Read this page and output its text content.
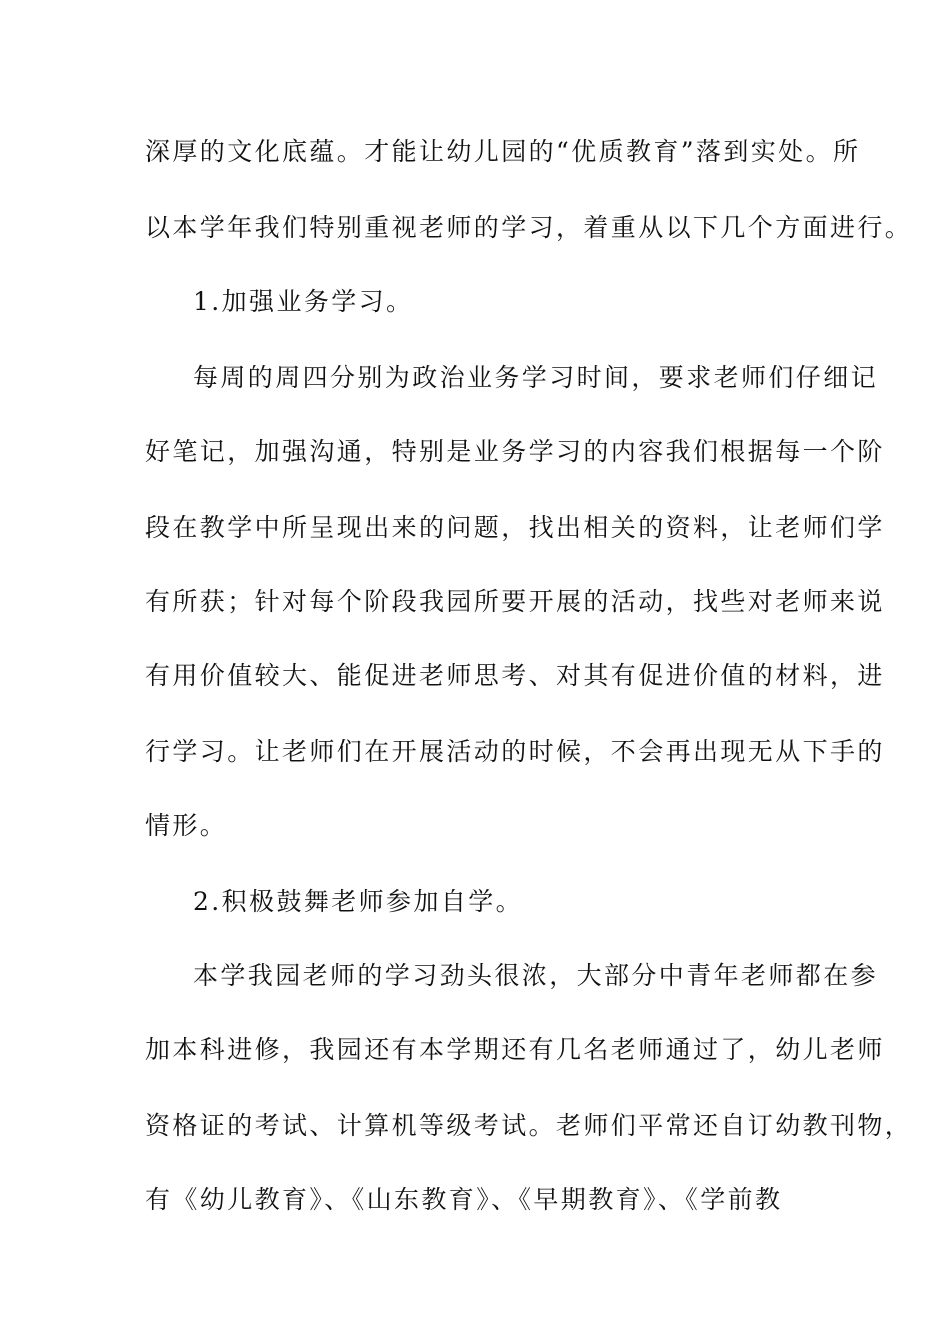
深厚的文化底蕴。才能让幼儿园的“优质教育”落到实处。所
以本学年我们特别重视老师的学习，着重从以下几个方面进行。
1.加强业务学习。
每周的周四分别为政治业务学习时间，要求老师们仔细记
好笔记，加强沟通，特别是业务学习的内容我们根据每一个阶
段在教学中所呈现出来的问题，找出相关的资料，让老师们学
有所获；针对每个阶段我园所要开展的活动，找些对老师来说
有用价值较大、能促进老师思考、对其有促进价值的材料，进
行学习。让老师们在开展活动的时候，不会再出现无从下手的
情形。
2.积极鼓舞老师参加自学。
本学我园老师的学习劲头很浓，大部分中青年老师都在参
加本科进修，我园还有本学期还有几名老师通过了，幼儿老师
资格证的考试、计算机等级考试。老师们平常还自订幼教刊物，
有《幼儿教育》、《山东教育》、《早期教育》、《学前教
